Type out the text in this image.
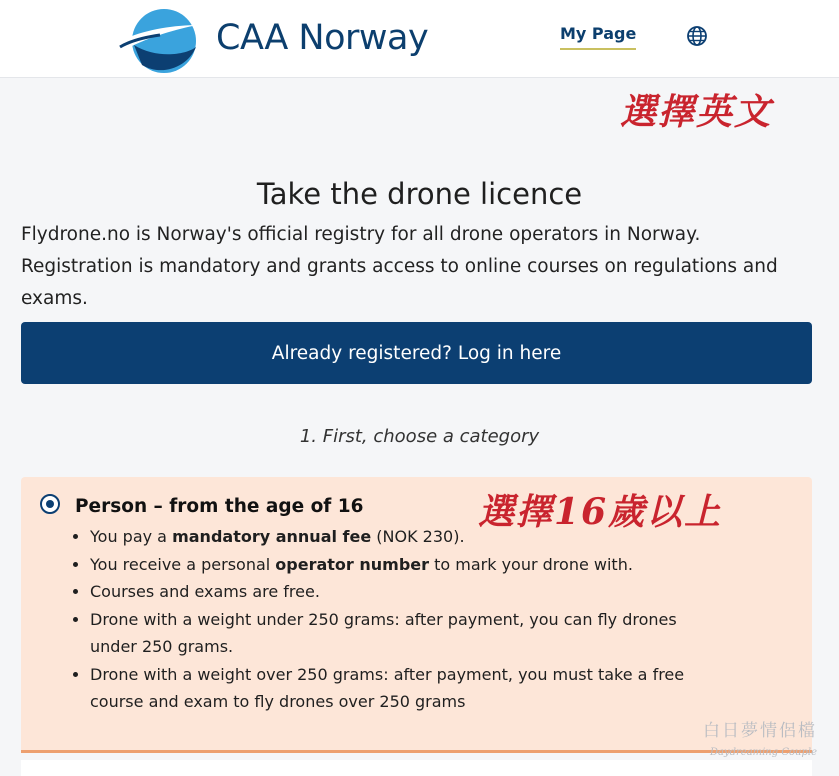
CAA Norway	My Page
選擇英文
Take the drone licence
Flydrone.no is Norway's official registry for all drone operators in Norway.
Registration is mandatory and grants access to online courses on regulations and exams.
Already registered? Log in here
1. First, choose a category
Person – from the age of 16
• You pay a mandatory annual fee (NOK 230).
• You receive a personal operator number to mark your drone with.
• Courses and exams are free.
• Drone with a weight under 250 grams: after payment, you can fly drones under 250 grams.
• Drone with a weight over 250 grams: after payment, you must take a free course and exam to fly drones over 250 grams
選擇16歲以上
白日夢情侶檔
Daydreaming Couple
